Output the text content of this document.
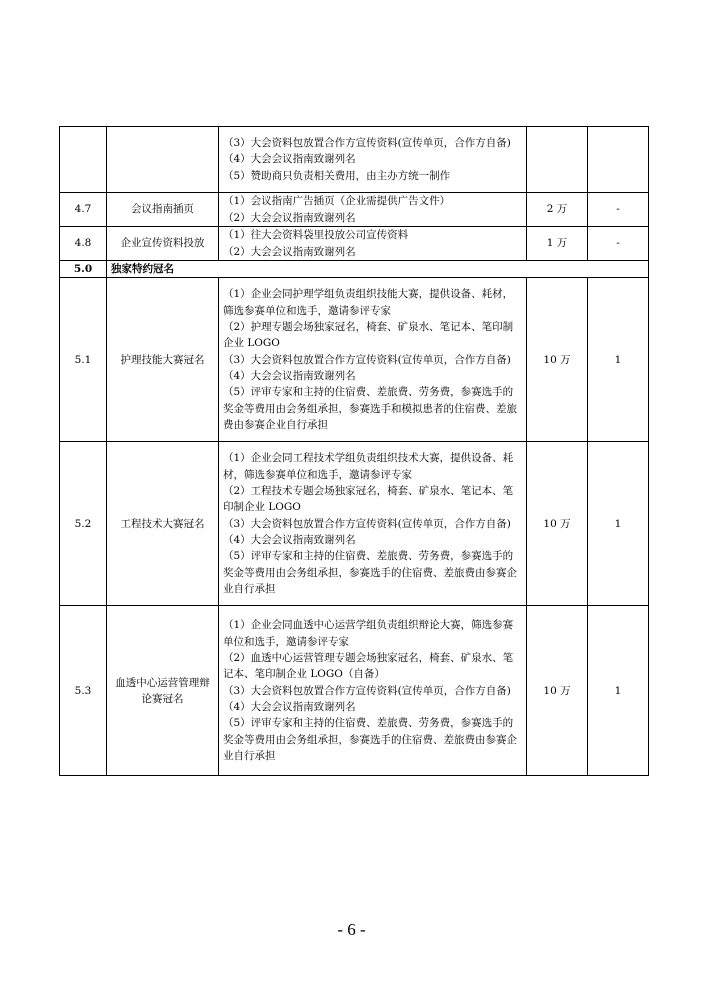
		（3）大会资料包放置合作方宣传资料(宣传单页，合作方自备)
（4）大会会议指南致谢列名
（5）赞助商只负责相关费用，由主办方统一制作		

4.7	会议指南插页	（1）会议指南广告插页（企业需提供广告文件）
（2）大会会议指南致谢列名	2 万	-
4.8	企业宣传资料投放	（1）往大会资料袋里投放公司宣传资料
（2）大会会议指南致谢列名	1 万	-
5.0	独家特约冠名			
5.1	护理技能大赛冠名	（1）企业会同护理学组负责组织技能大赛，提供设备、耗材，筛选参赛单位和选手，邀请参评专家
（2）护理专题会场独家冠名，椅套、矿泉水、笔记本、笔印制企业 LOGO
（3）大会资料包放置合作方宣传资料(宣传单页，合作方自备)
（4）大会会议指南致谢列名
（5）评审专家和主持的住宿费、差旅费、劳务费，参赛选手的奖金等费用由会务组承担，参赛选手和模拟患者的住宿费、差旅费由参赛企业自行承担	10 万	1
5.2	工程技术大赛冠名	（1）企业会同工程技术学组负责组织技术大赛，提供设备、耗材，筛选参赛单位和选手，邀请参评专家
（2）工程技术专题会场独家冠名，椅套、矿泉水、笔记本、笔印制企业 LOGO
（3）大会资料包放置合作方宣传资料(宣传单页，合作方自备)
（4）大会会议指南致谢列名
（5）评审专家和主持的住宿费、差旅费、劳务费，参赛选手的奖金等费用由会务组承担，参赛选手的住宿费、差旅费由参赛企业自行承担	10 万	1
5.3	血透中心运营管理辩论赛冠名	（1）企业会同血透中心运营学组负责组织辩论大赛，筛选参赛单位和选手，邀请参评专家
（2）血透中心运营管理专题会场独家冠名，椅套、矿泉水、笔记本、笔印制企业 LOGO（自备）
（3）大会资料包放置合作方宣传资料(宣传单页，合作方自备)
（4）大会会议指南致谢列名
（5）评审专家和主持的住宿费、差旅费、劳务费，参赛选手的奖金等费用由会务组承担，参赛选手的住宿费、差旅费由参赛企业自行承担	10 万	1
- 6 -
